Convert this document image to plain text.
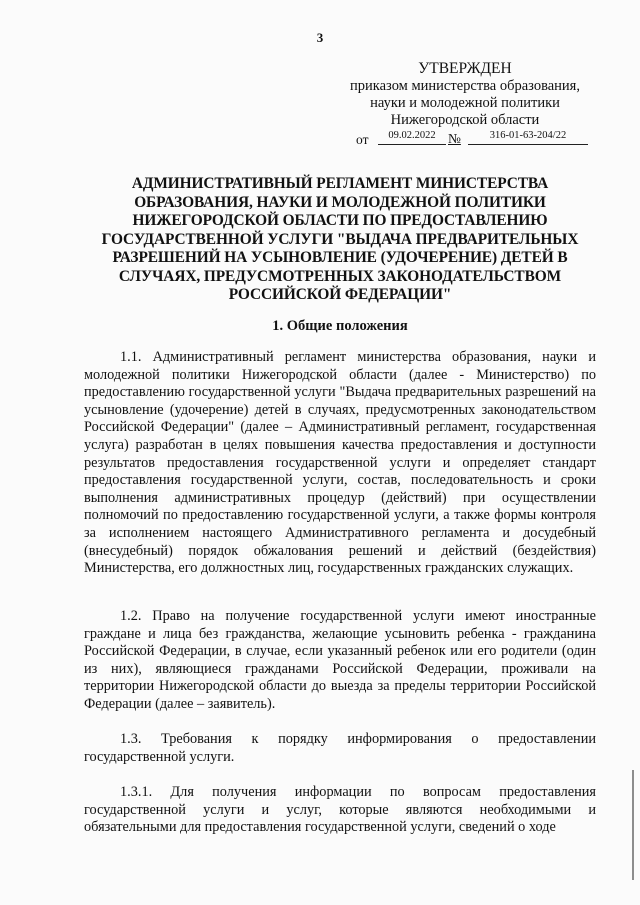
3
УТВЕРЖДЕН
приказом министерства образования,
науки и молодежной политики
Нижегородской области
от	09.02.2022 №	316-01-63-204/22
АДМИНИСТРАТИВНЫЙ РЕГЛАМЕНТ МИНИСТЕРСТВА ОБРАЗОВАНИЯ, НАУКИ И МОЛОДЕЖНОЙ ПОЛИТИКИ НИЖЕГОРОДСКОЙ ОБЛАСТИ ПО ПРЕДОСТАВЛЕНИЮ ГОСУДАРСТВЕННОЙ УСЛУГИ "ВЫДАЧА ПРЕДВАРИТЕЛЬНЫХ РАЗРЕШЕНИЙ НА УСЫНОВЛЕНИЕ (УДОЧЕРЕНИЕ) ДЕТЕЙ В СЛУЧАЯХ, ПРЕДУСМОТРЕННЫХ ЗАКОНОДАТЕЛЬСТВОМ РОССИЙСКОЙ ФЕДЕРАЦИИ"
1. Общие положения

1.1. Административный регламент министерства образования, науки и молодежной политики Нижегородской области (далее - Министерство) по предоставлению государственной услуги "Выдача предварительных разрешений на усыновление (удочерение) детей в случаях, предусмотренных законодательством Российской Федерации" (далее – Административный регламент, государственная услуга) разработан в целях повышения качества предоставления и доступности результатов предоставления государственной услуги и определяет стандарт предоставления государственной услуги, состав, последовательность и сроки выполнения административных процедур (действий) при осуществлении полномочий по предоставлению государственной услуги, а также формы контроля за исполнением настоящего Административного регламента и досудебный (внесудебный) порядок обжалования решений и действий (бездействия) Министерства, его должностных лиц, государственных гражданских служащих.

1.2. Право на получение государственной услуги имеют иностранные граждане и лица без гражданства, желающие усыновить ребенка - гражданина Российской Федерации, в случае, если указанный ребенок или его родители (один из них), являющиеся гражданами Российской Федерации, проживали на территории Нижегородской области до выезда за пределы территории Российской Федерации (далее – заявитель).

1.3. Требования к порядку информирования о предоставлении государственной услуги.

1.3.1. Для получения информации по вопросам предоставления государственной услуги и услуг, которые являются необходимыми и обязательными для предоставления государственной услуги, сведений о ходе
